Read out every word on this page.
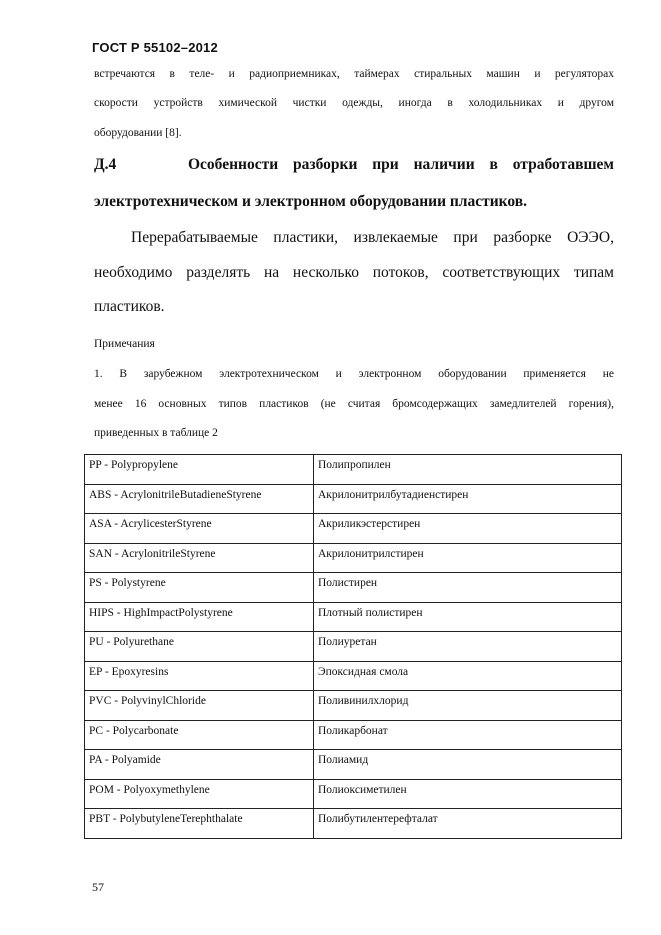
ГОСТ Р 55102–2012
встречаются в теле- и радиоприемниках, таймерах стиральных машин и регуляторах
скорости устройств химической чистки одежды, иногда в холодильниках и другом
оборудовании [8].
Д.4	Особенности разборки при наличии в отработавшем
электротехническом и электронном оборудовании пластиков.
Перерабатываемые пластики, извлекаемые при разборке ОЭЭО,
необходимо разделять на несколько потоков, соответствующих типам
пластиков.
Примечания
1. В зарубежном электротехническом и электронном оборудовании применяется не
менее 16 основных типов пластиков (не считая бромсодержащих замедлителей горения),
приведенных в таблице 2
PP - Polypropylene	Полипропилен
ABS - AcrylonitrileButadieneStyrene	Акрилонитрилбутадиенстирен
ASA - AcrylicesterStyrene	Акриликэстерстирен
SAN - AcrylonitrileStyrene	Акрилонитрилстирен
PS - Polystyrene	Полистирен
HIPS - HighImpactPolystyrene	Плотный полистирен
PU - Polyurethane	Полиуретан
EP - Epoxyresins	Эпоксидная смола
PVC - PolyvinylChloride	Поливинилхлорид
PC - Polycarbonate	Поликарбонат
PA - Polyamide	Полиамид
POM - Polyoxymethylene	Полиоксиметилен
PBT - PolybutyleneTerephthalate	Полибутилентерефталат
57
